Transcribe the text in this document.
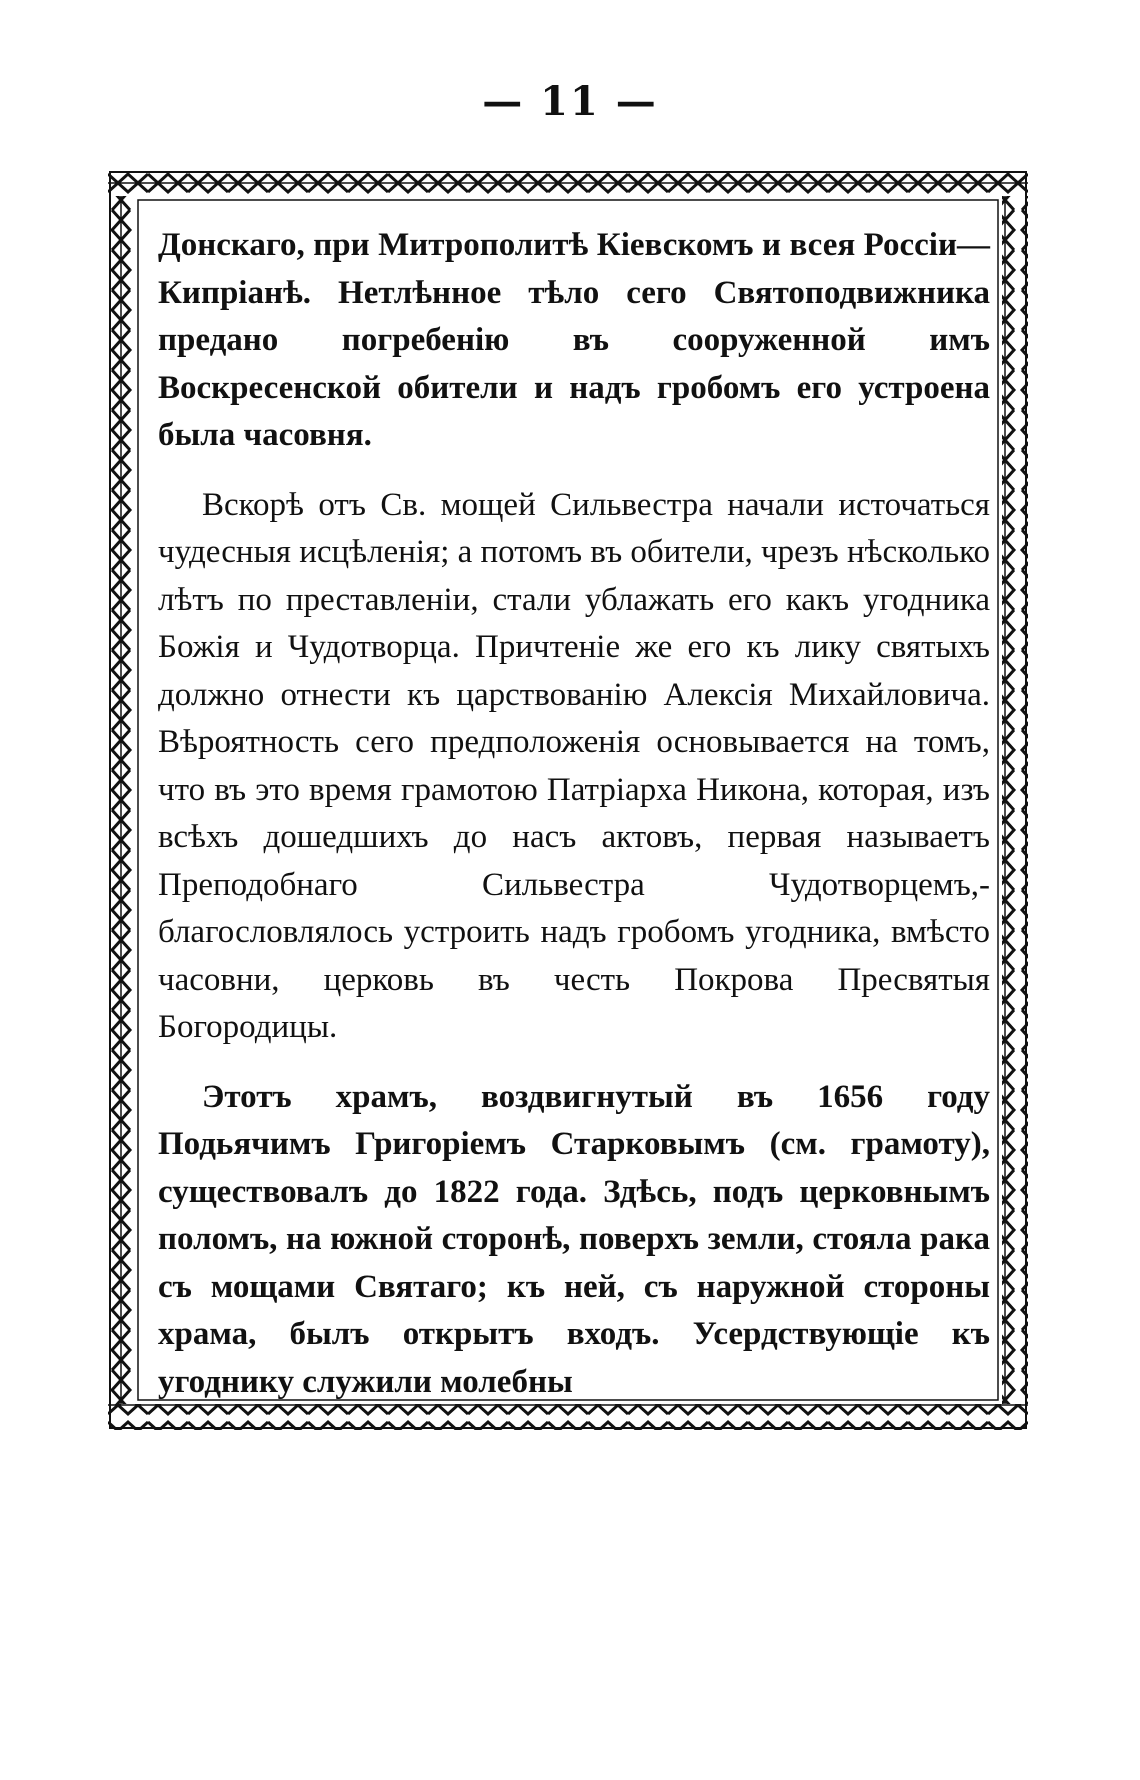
— 11 —

Донскаго, при Митрополитѣ Кіевскомъ и всея Россіи—Кипріанѣ. Нетлѣнное тѣло сего Святоподвижника предано погребенію въ сооруженной имъ Воскресенской обители и надъ гробомъ его устроена была часовня.

Вскорѣ отъ Св. мощей Сильвестра начали источаться чудесныя исцѣленія; а потомъ въ обители, чрезъ нѣсколько лѣтъ по преставленіи, стали ублажать его какъ угодника Божія и Чудотворца. Причтеніе же его къ лику святыхъ должно отнести къ царствованію Алексія Михайловича. Вѣроятность сего предположенія основывается на томъ, что въ это время грамотою Патріарха Никона, которая, изъ всѣхъ дошедшихъ до насъ актовъ, первая называетъ Преподобнаго Сильвестра Чудотворцемъ,-благословлялось устроить надъ гробомъ угодника, вмѣсто часовни, церковь въ честь Покрова Пресвятыя Богородицы.

Этотъ храмъ, воздвигнутый въ 1656 году Подьячимъ Григоріемъ Старковымъ (см. грамоту), существовалъ до 1822 года. Здѣсь, подъ церковнымъ поломъ, на южной сторонѣ, поверхъ земли, стояла рака съ мощами Святаго; къ ней, съ наружной стороны храма, былъ открытъ входъ. Усердствующіе къ угоднику служили молебны
